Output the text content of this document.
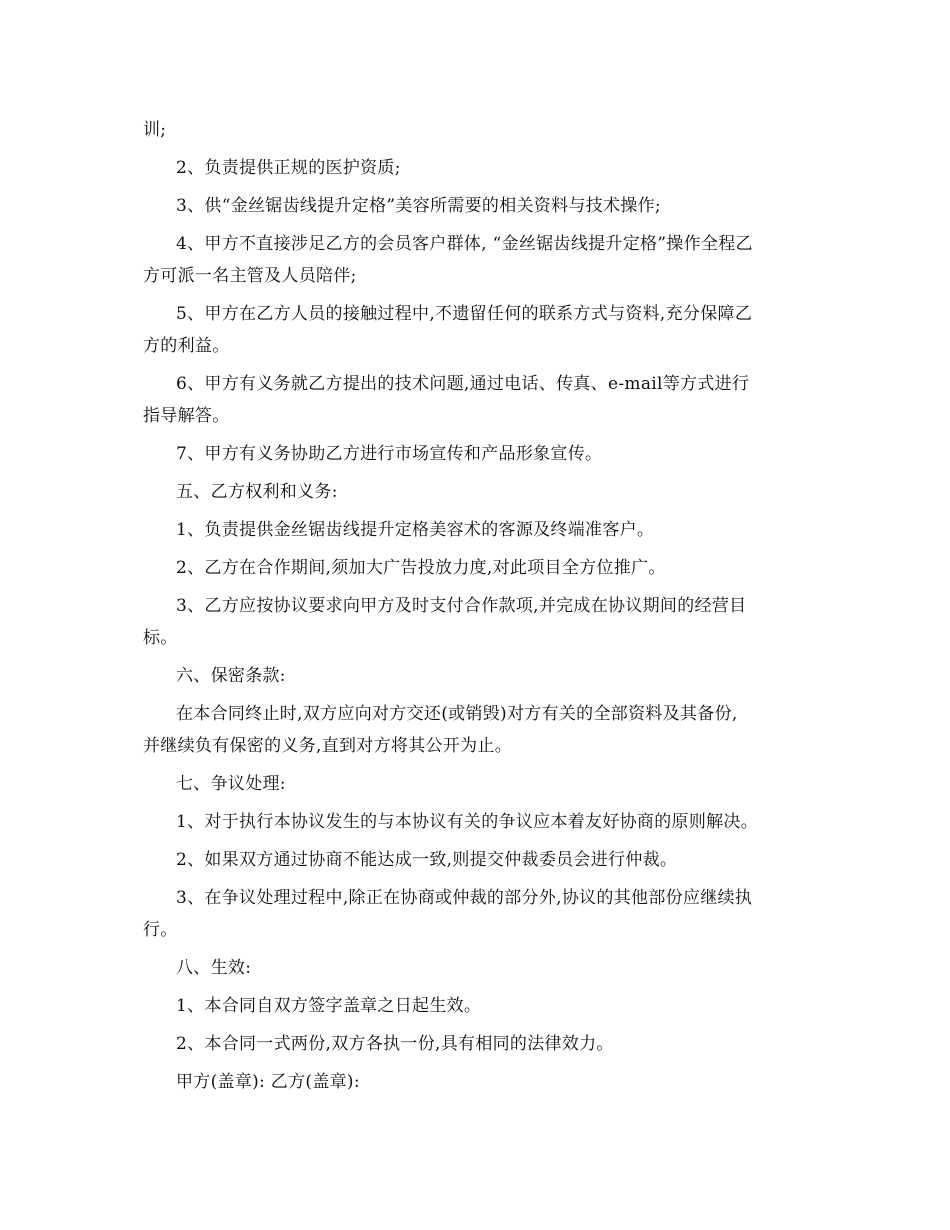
训;
2、负责提供正规的医护资质;
3、供“金丝锯齿线提升定格”美容所需要的相关资料与技术操作;
4、甲方不直接涉足乙方的会员客户群体, “金丝锯齿线提升定格”操作全程乙
方可派一名主管及人员陪伴;
5、甲方在乙方人员的接触过程中,不遗留任何的联系方式与资料,充分保障乙
方的利益。
6、甲方有义务就乙方提出的技术问题,通过电话、传真、e-mail等方式进行
指导解答。
7、甲方有义务协助乙方进行市场宣传和产品形象宣传。
五、乙方权利和义务:
1、负责提供金丝锯齿线提升定格美容术的客源及终端准客户。
2、乙方在合作期间,须加大广告投放力度,对此项目全方位推广。
3、乙方应按协议要求向甲方及时支付合作款项,并完成在协议期间的经营目
标。
六、保密条款:
在本合同终止时,双方应向对方交还(或销毁)对方有关的全部资料及其备份,
并继续负有保密的义务,直到对方将其公开为止。
七、争议处理:
1、对于执行本协议发生的与本协议有关的争议应本着友好协商的原则解决。
2、如果双方通过协商不能达成一致,则提交仲裁委员会进行仲裁。
3、在争议处理过程中,除正在协商或仲裁的部分外,协议的其他部份应继续执
行。
八、生效:
1、本合同自双方签字盖章之日起生效。
2、本合同一式两份,双方各执一份,具有相同的法律效力。
甲方(盖章): 乙方(盖章):
